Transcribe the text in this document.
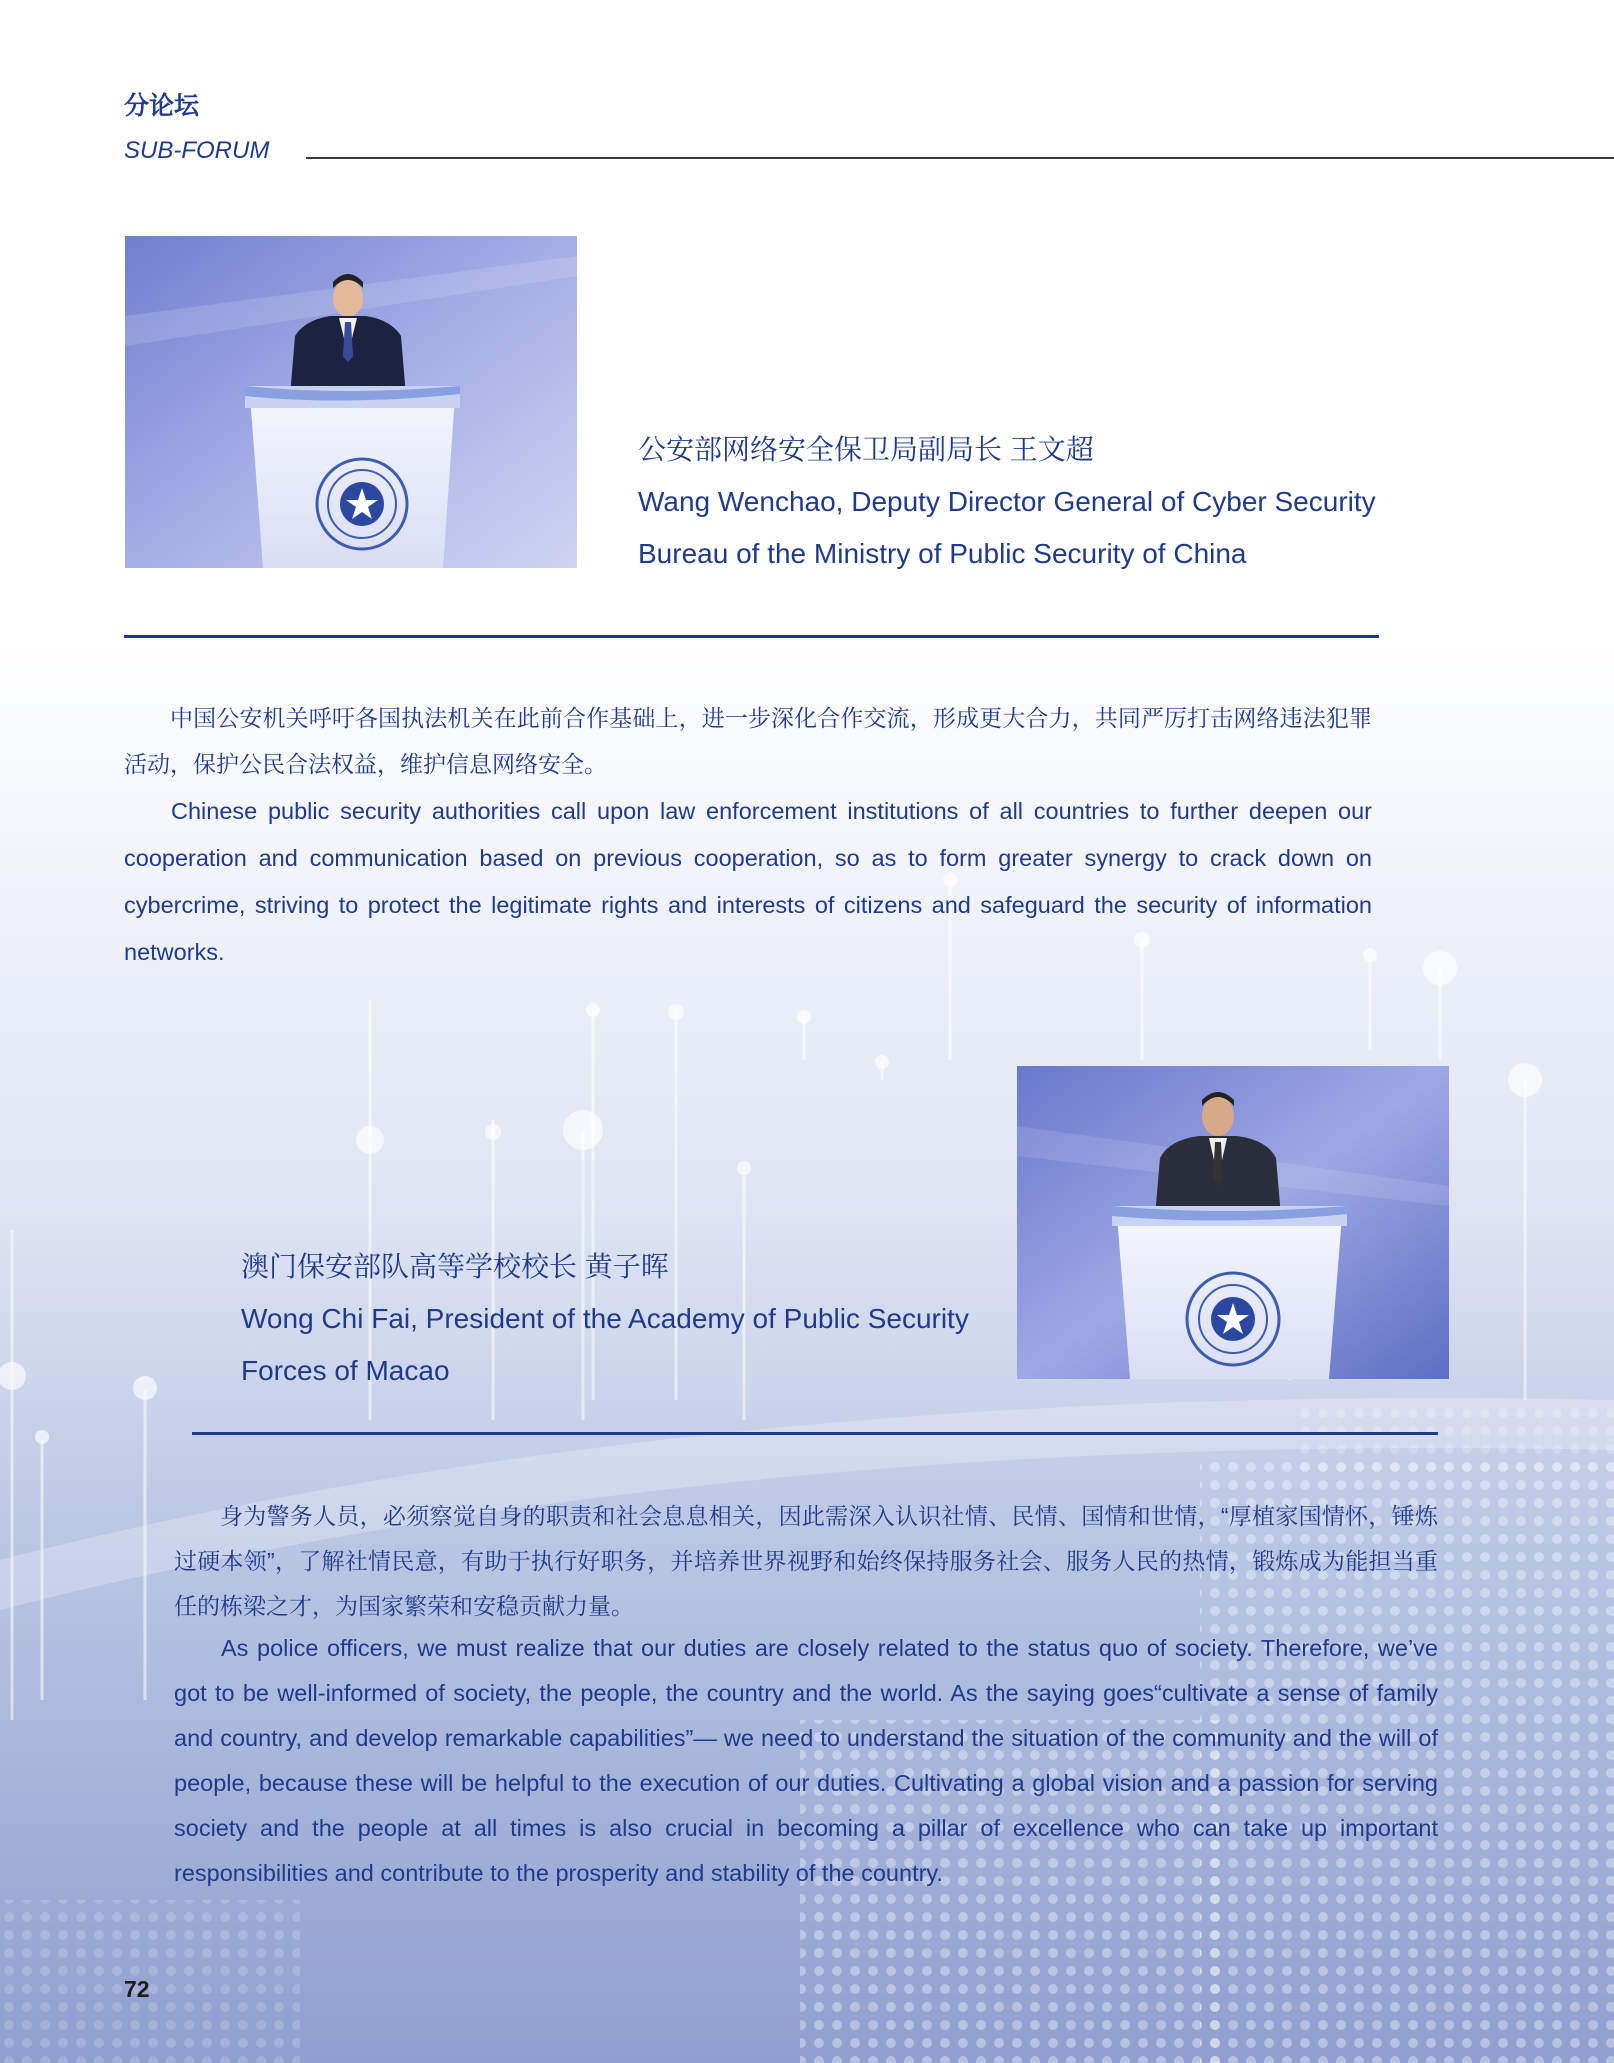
分论坛
SUB-FORUM
公安部网络安全保卫局副局长 王文超
Wang Wenchao, Deputy Director General of Cyber Security
Bureau of the Ministry of Public Security of China
中国公安机关呼吁各国执法机关在此前合作基础上，进一步深化合作交流，形成更大合力，共同严厉打击网络违法犯罪活动，保护公民合法权益，维护信息网络安全。
Chinese public security authorities call upon law enforcement institutions of all countries to further deepen our cooperation and communication based on previous cooperation, so as to form greater synergy to crack down on cybercrime, striving to protect the legitimate rights and interests of citizens and safeguard the security of information networks.
澳门保安部队高等学校校长 黄子晖
Wong Chi Fai, President of the Academy of Public Security
Forces of Macao
身为警务人员，必须察觉自身的职责和社会息息相关，因此需深入认识社情、民情、国情和世情，“厚植家国情怀，锤炼过硬本领”，了解社情民意，有助于执行好职务，并培养世界视野和始终保持服务社会、服务人民的热情，锻炼成为能担当重任的栋梁之才，为国家繁荣和安稳贡献力量。
As police officers, we must realize that our duties are closely related to the status quo of society. Therefore, we’ve got to be well-informed of society, the people, the country and the world. As the saying goes“cultivate a sense of family and country, and develop remarkable capabilities”— we need to understand the situation of the community and the will of people, because these will be helpful to the execution of our duties. Cultivating a global vision and a passion for serving society and the people at all times is also crucial in becoming a pillar of excellence who can take up important responsibilities and contribute to the prosperity and stability of the country.
72
